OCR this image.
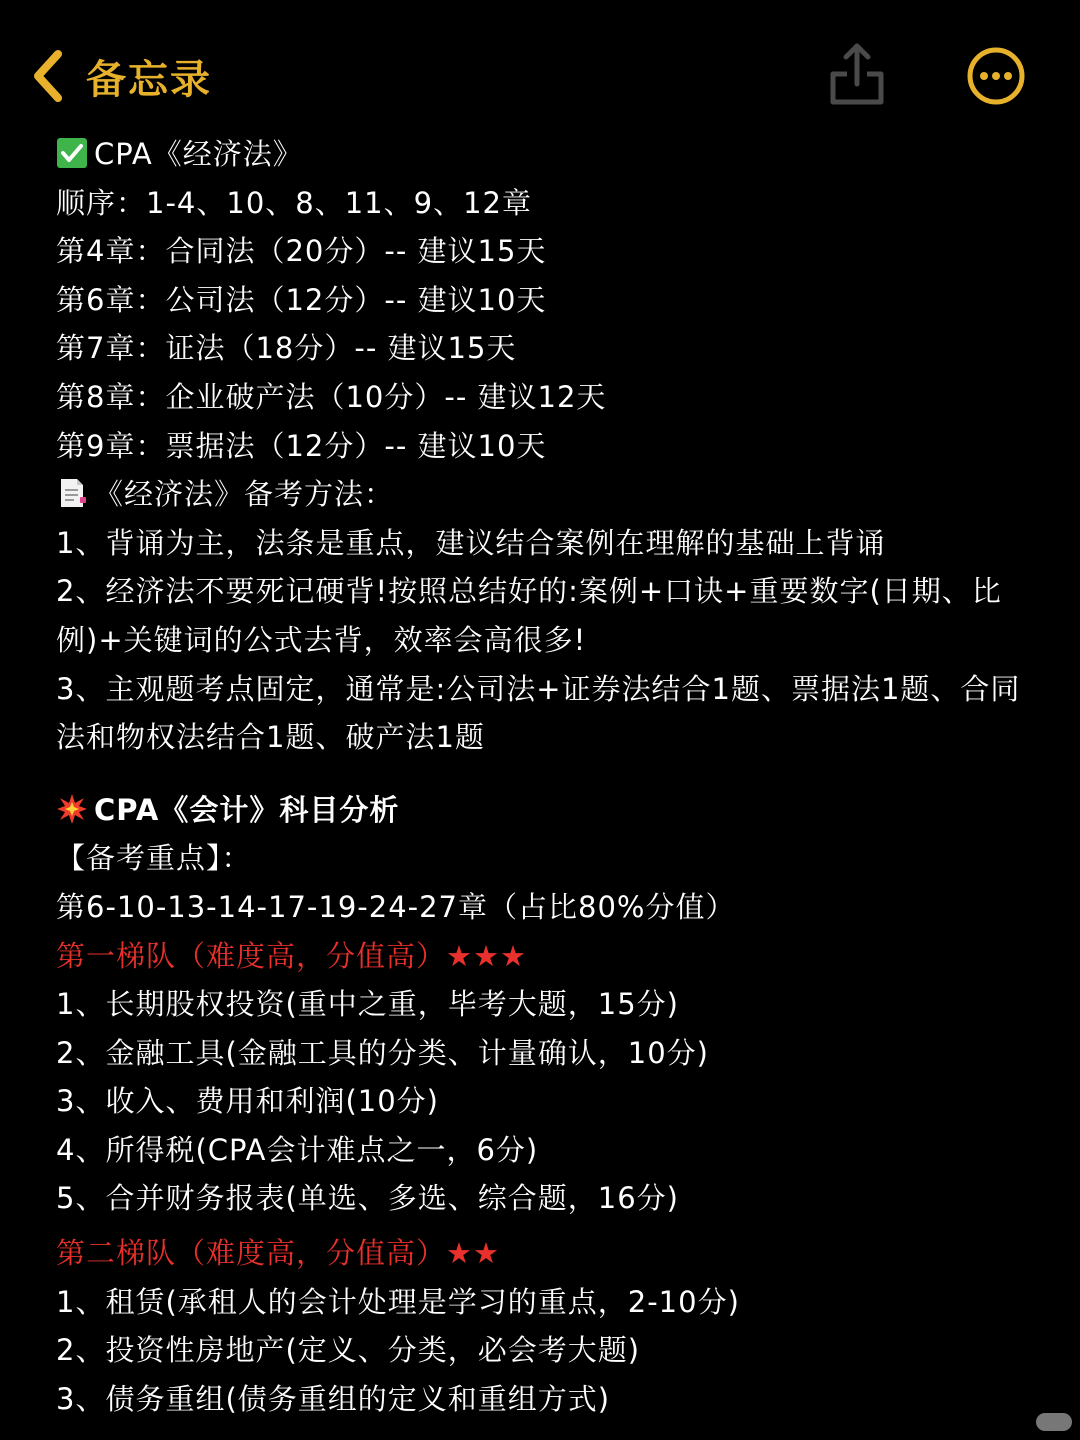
备忘录
CPA《经济法》
顺序：1-4、10、8、11、9、12章
第4章：合同法（20分）-- 建议15天
第6章：公司法（12分）-- 建议10天
第7章：证法（18分）-- 建议15天
第8章：企业破产法（10分）-- 建议12天
第9章：票据法（12分）-- 建议10天
《经济法》备考方法：
1、背诵为主，法条是重点，建议结合案例在理解的基础上背诵
2、经济法不要死记硬背!按照总结好的:案例+口诀+重要数字(日期、比例)+关键词的公式去背，效率会高很多!
3、主观题考点固定，通常是:公司法+证券法结合1题、票据法1题、合同法和物权法结合1题、破产法1题
CPA《会计》科目分析
【备考重点】：
第6-10-13-14-17-19-24-27章（占比80%分值）
第一梯队（难度高，分值高）★★★
1、长期股权投资(重中之重，毕考大题，15分)
2、金融工具(金融工具的分类、计量确认，10分)
3、收入、费用和利润(10分)
4、所得税(CPA会计难点之一，6分)
5、合并财务报表(单选、多选、综合题，16分)
第二梯队（难度高，分值高）★★
1、租赁(承租人的会计处理是学习的重点，2-10分)
2、投资性房地产(定义、分类，必会考大题)
3、债务重组(债务重组的定义和重组方式)
